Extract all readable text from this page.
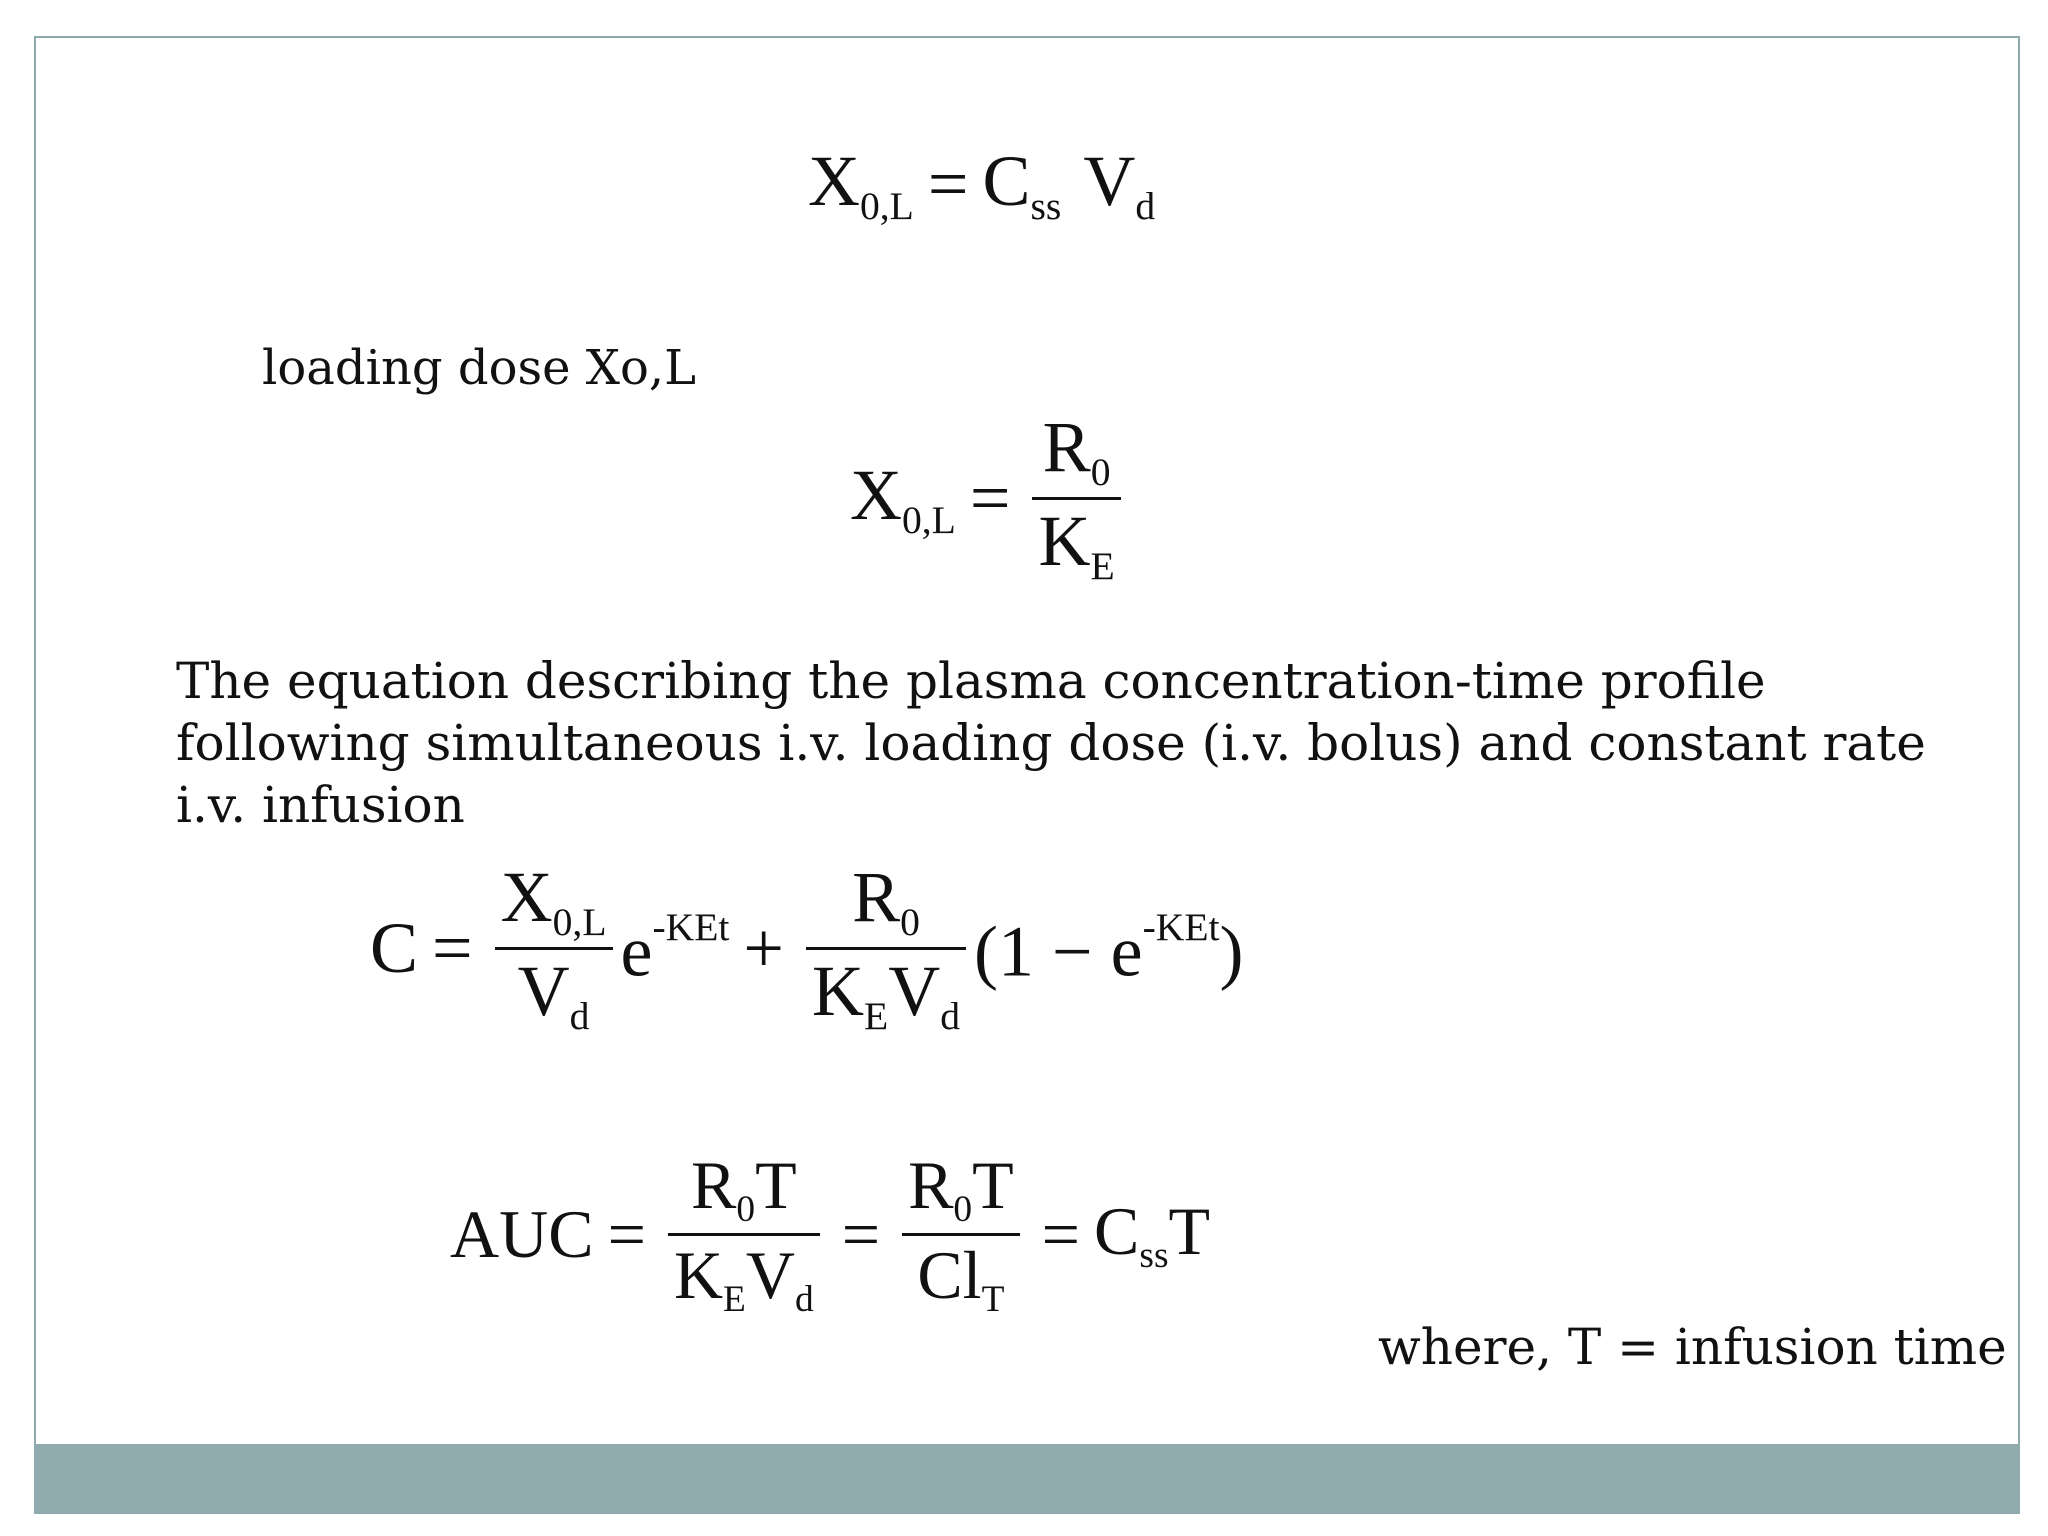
$X_{0,L} = C_{ss}$ $V_d$
loading dose Xo,L
$X_{0,L} = \frac{R_0}{K_E}$
The equation describing the plasma concentration-time profile
following simultaneous i.v. loading dose (i.v. bolus) and constant rate
i.v. infusion
$C = \frac{X_{0,L}}{V_d} e^{-KEt} + \frac{R_0}{K_EV_d} (1 - e^{-KEt})$
AUC = $\frac{R_0T}{K_EV_d} = \frac{R_0T}{Cl_T} = C_{ss}T$
where, T = infusion time
